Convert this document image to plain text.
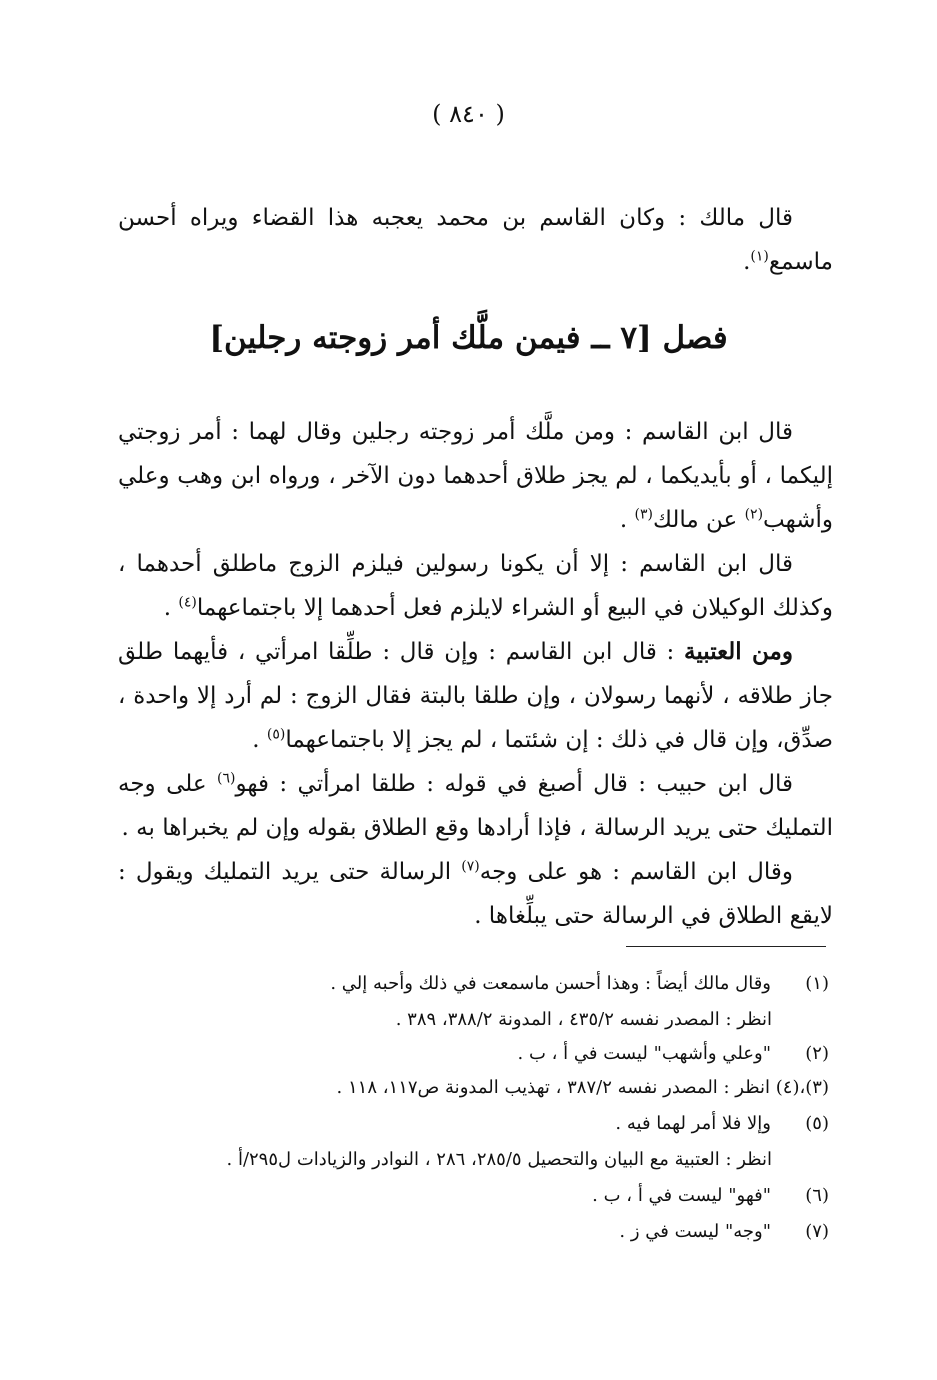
( ٨٤٠ )
قال مالك : وكان القاسم بن محمد يعجبه هذا القضاء ويراه أحسن ماسمع$^{(١)}$.
فصل [٧ ــ فيمن ملَّك أمر زوجته رجلين]
قال ابن القاسم : ومن ملَّك أمر زوجته رجلين وقال لهما : أمر زوجتي إليكما ، أو بأيديكما ، لم يجز طلاق أحدهما دون الآخر ، ورواه ابن وهب وعلي وأشهب$^{(٢)}$ عن مالك$^{(٣)}$ .
قال ابن القاسم : إلا أن يكونا رسولين فيلزم الزوج ماطلق أحدهما ، وكذلك الوكيلان في البيع أو الشراء لايلزم فعل أحدهما إلا باجتماعهما$^{(٤)}$ .
ومن العتبية : قال ابن القاسم : وإن قال : طلِّقا امرأتي ، فأيهما طلق جاز طلاقه ، لأنهما رسولان ، وإن طلقا بالبتة فقال الزوج : لم أرد إلا واحدة ، صدِّق، وإن قال في ذلك : إن شئتما ، لم يجز إلا باجتماعهما$^{(٥)}$ .
قال ابن حبيب : قال أصبغ في قوله : طلقا امرأتي : فهو$^{(٦)}$ على وجه التمليك حتى يريد الرسالة ، فإذا أرادها وقع الطلاق بقوله وإن لم يخبراها به .
وقال ابن القاسم : هو على وجه$^{(٧)}$ الرسالة حتى يريد التمليك ويقول : لايقع الطلاق في الرسالة حتى يبلِّغاها .
(١)وقال مالك أيضاً : وهذا أحسن ماسمعت في ذلك وأحبه إلي .
انظر : المصدر نفسه ٤٣٥/٢ ، المدونة ٣٨٨/٢، ٣٨٩ .
(٢)"وعلي وأشهب" ليست في أ ، ب .
(٣)،(٤) انظر : المصدر نفسه ٣٨٧/٢ ، تهذيب المدونة ص١١٧، ١١٨ .
(٥)وإلا فلا أمر لهما فيه .
انظر : العتبية مع البيان والتحصيل ٢٨٥/٥، ٢٨٦ ، النوادر والزيادات ل٢٩٥/أ .
(٦)"فهو" ليست في أ ، ب .
(٧)"وجه" ليست في ز .
